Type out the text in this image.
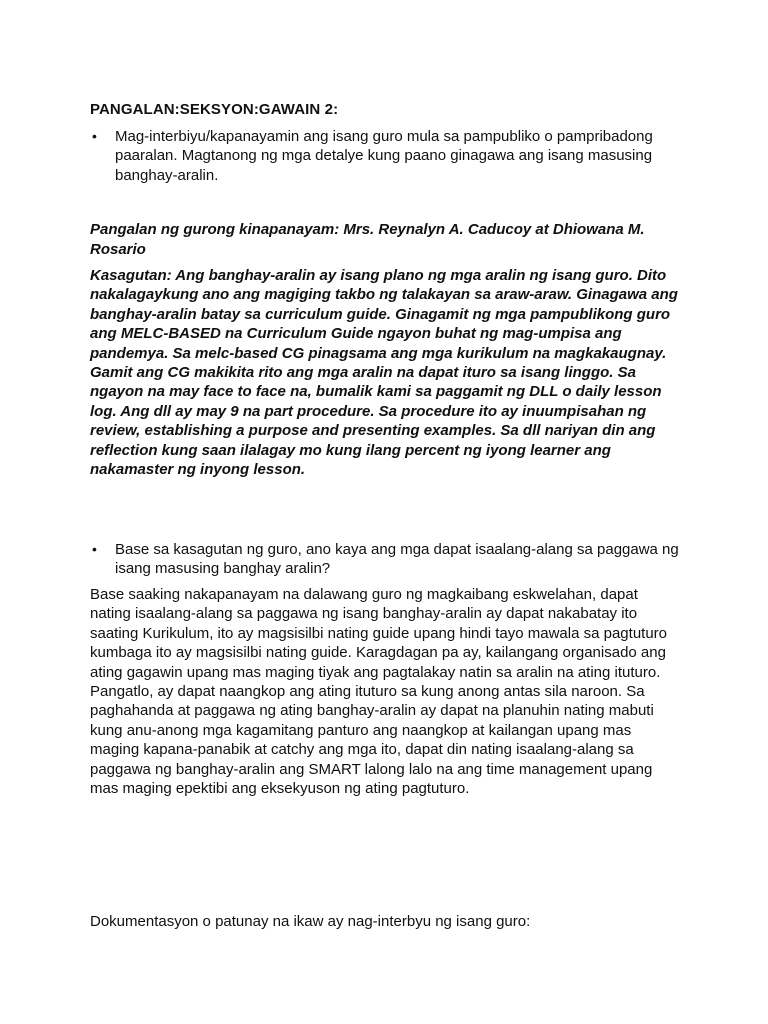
PANGALAN:SEKSYON:GAWAIN 2:
•	Mag-interbiyu/kapanayamin ang isang guro mula sa pampubliko o pampribadong paaralan. Magtanong ng mga detalye kung paano ginagawa ang isang masusing banghay-aralin.
Pangalan ng gurong kinapanayam: Mrs. Reynalyn A. Caducoy at Dhiowana M. Rosario
Kasagutan: Ang banghay-aralin ay isang plano ng mga aralin ng isang guro. Dito nakalagaykung ano ang magiging takbo ng talakayan sa araw-araw. Ginagawa ang banghay-aralin batay sa curriculum guide. Ginagamit ng mga pampublikong guro ang MELC-BASED na Curriculum Guide ngayon buhat ng mag-umpisa ang pandemya. Sa melc-based CG pinagsama ang mga kurikulum na magkakaugnay. Gamit ang CG makikita rito ang mga aralin na dapat ituro sa isang linggo. Sa ngayon na may face to face na, bumalik kami sa paggamit ng DLL o daily lesson log. Ang dll ay may 9 na part procedure. Sa procedure ito ay inuumpisahan ng review, establishing a purpose and presenting examples. Sa dll nariyan din ang reflection kung saan ilalagay mo kung ilang percent ng iyong learner ang nakamaster ng inyong lesson.
•	Base sa kasagutan ng guro, ano kaya ang mga dapat isaalang-alang sa paggawa ng isang masusing banghay aralin?
Base saaking nakapanayam na dalawang guro ng magkaibang eskwelahan, dapat nating isaalang-alang sa paggawa ng isang banghay-aralin ay dapat nakabatay ito saating Kurikulum, ito ay magsisilbi nating guide upang hindi tayo mawala sa pagtuturo kumbaga ito ay magsisilbi nating guide. Karagdagan pa ay, kailangang organisado ang ating gagawin upang mas maging tiyak ang pagtalakay natin sa aralin na ating ituturo. Pangatlo, ay dapat naangkop ang ating ituturo sa kung anong antas sila naroon. Sa paghahanda at paggawa ng ating banghay-aralin ay dapat na planuhin nating mabuti kung anu-anong mga kagamitang panturo ang naangkop at kailangan upang mas maging kapana-panabik at catchy ang mga ito, dapat din nating isaalang-alang sa paggawa ng banghay-aralin ang SMART lalong lalo na ang time management upang mas maging epektibi ang eksekyuson ng ating pagtuturo.
Dokumentasyon o patunay na ikaw ay nag-interbyu ng isang guro:
